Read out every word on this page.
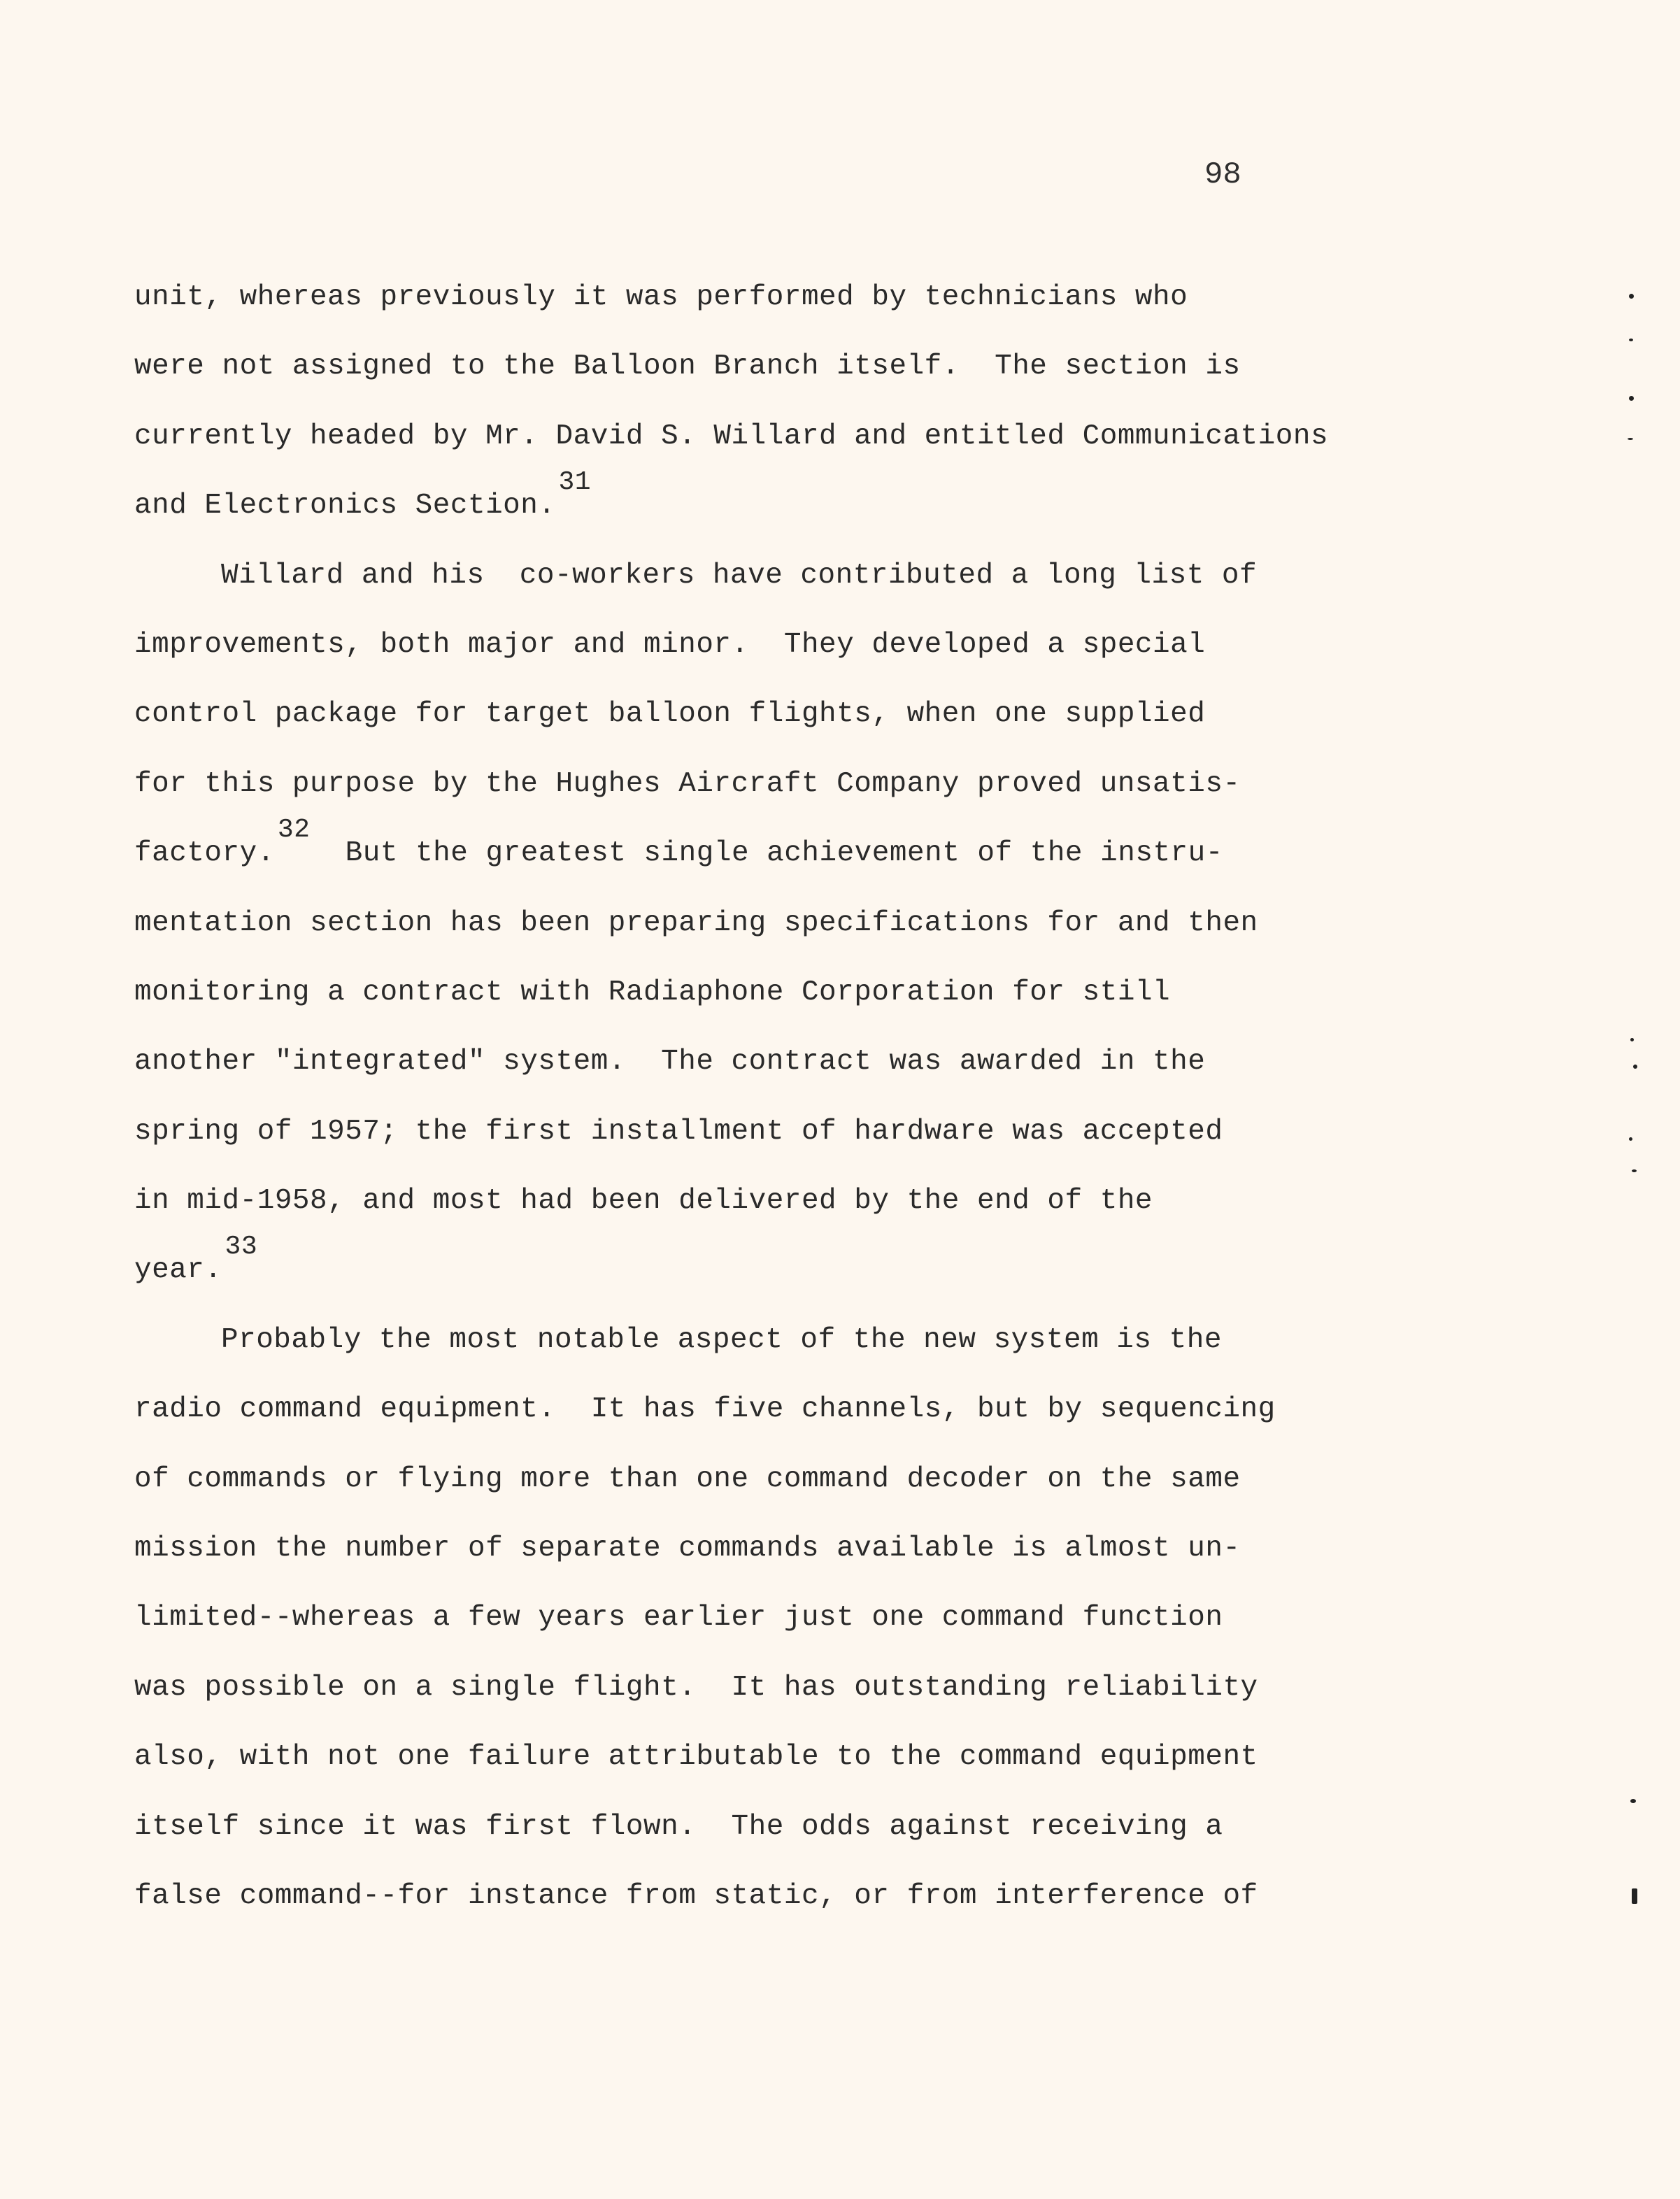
98
unit, whereas previously it was performed by technicians who
were not assigned to the Balloon Branch itself.  The section is
currently headed by Mr. David S. Willard and entitled Communications
and Electronics Section.31
Willard and his  co-workers have contributed a long list of
improvements, both major and minor.  They developed a special
control package for target balloon flights, when one supplied
for this purpose by the Hughes Aircraft Company proved unsatis-
factory.32  But the greatest single achievement of the instru-
mentation section has been preparing specifications for and then
monitoring a contract with Radiaphone Corporation for still
another "integrated" system.  The contract was awarded in the
spring of 1957; the first installment of hardware was accepted
in mid-1958, and most had been delivered by the end of the
year.33
Probably the most notable aspect of the new system is the
radio command equipment.  It has five channels, but by sequencing
of commands or flying more than one command decoder on the same
mission the number of separate commands available is almost un-
limited--whereas a few years earlier just one command function
was possible on a single flight.  It has outstanding reliability
also, with not one failure attributable to the command equipment
itself since it was first flown.  The odds against receiving a
false command--for instance from static, or from interference of
